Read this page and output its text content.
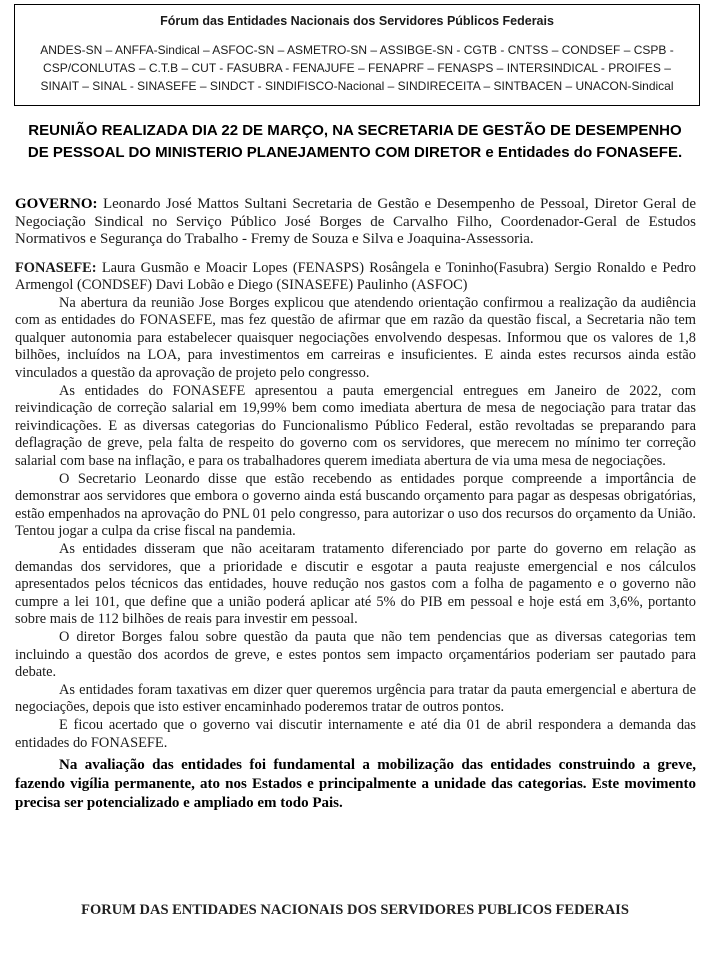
Fórum das Entidades Nacionais dos Servidores Públicos Federais
ANDES-SN – ANFFA-Sindical – ASFOC-SN – ASMETRO-SN – ASSIBGE-SN - CGTB - CNTSS – CONDSEF – CSPB - CSP/CONLUTAS – C.T.B – CUT - FASUBRA - FENAJUFE – FENAPRF – FENASPS – INTERSINDICAL - PROIFES – SINAIT – SINAL - SINASEFE – SINDCT - SINDIFISCO-Nacional – SINDIRECEITA – SINTBACEN – UNACON-Sindical
REUNIÃO REALIZADA DIA 22 DE MARÇO, NA SECRETARIA DE GESTÃO DE DESEMPENHO DE PESSOAL DO MINISTERIO PLANEJAMENTO COM DIRETOR e Entidades do FONASEFE.

GOVERNO: Leonardo José Mattos Sultani Secretaria de Gestão e Desempenho de Pessoal, Diretor Geral de Negociação Sindical no Serviço Público José Borges de Carvalho Filho, Coordenador-Geral de Estudos Normativos e Segurança do Trabalho - Fremy de Souza e Silva e Joaquina-Assessoria.

FONASEFE: Laura Gusmão e Moacir Lopes (FENASPS) Rosângela e Toninho(Fasubra) Sergio Ronaldo e Pedro Armengol (CONDSEF) Davi Lobão e Diego (SINASEFE) Paulinho (ASFOC)

Na abertura da reunião Jose Borges explicou que atendendo orientação confirmou a realização da audiência com as entidades do FONASEFE, mas fez questão de afirmar que em razão da questão fiscal, a Secretaria não tem qualquer autonomia para estabelecer quaisquer negociações envolvendo despesas. Informou que os valores de 1,8 bilhões, incluídos na LOA, para investimentos em carreiras e insuficientes. E ainda estes recursos ainda estão vinculados a questão da aprovação de projeto pelo congresso.

As entidades do FONASEFE apresentou a pauta emergencial entregues em Janeiro de 2022, com reivindicação de correção salarial em 19,99% bem como imediata abertura de mesa de negociação para tratar das reivindicações. E as diversas categorias do Funcionalismo Público Federal, estão revoltadas se preparando para deflagração de greve, pela falta de respeito do governo com os servidores, que merecem no mínimo ter correção salarial com base na inflação, e para os trabalhadores querem imediata abertura de via uma mesa de negociações.

O Secretario Leonardo disse que estão recebendo as entidades porque compreende a importância de demonstrar aos servidores que embora o governo ainda está buscando orçamento para pagar as despesas obrigatórias, estão empenhados na aprovação do PNL 01 pelo congresso, para autorizar o uso dos recursos do orçamento da União. Tentou jogar a culpa da crise fiscal na pandemia.

As entidades disseram que não aceitaram tratamento diferenciado por parte do governo em relação as demandas dos servidores, que a prioridade e discutir e esgotar a pauta reajuste emergencial e nos cálculos apresentados pelos técnicos das entidades, houve redução nos gastos com a folha de pagamento e o governo não cumpre a lei 101, que define que a união poderá aplicar até 5% do PIB em pessoal e hoje está em 3,6%, portanto sobre mais de 112 bilhões de reais para investir em pessoal.

O diretor Borges falou sobre questão da pauta que não tem pendencias que as diversas categorias tem incluindo a questão dos acordos de greve, e estes pontos sem impacto orçamentários poderiam ser pautado para debate.

As entidades foram taxativas em dizer quer queremos urgência para tratar da pauta emergencial e abertura de negociações, depois que isto estiver encaminhado poderemos tratar de outros pontos.

E ficou acertado que o governo vai discutir internamente e até dia 01 de abril respondera a demanda das entidades do FONASEFE.

Na avaliação das entidades foi fundamental a mobilização das entidades construindo a greve, fazendo vigília permanente, ato nos Estados e principalmente a unidade das categorias. Este movimento precisa ser potencializado e ampliado em todo Pais.

FORUM DAS ENTIDADES NACIONAIS DOS SERVIDORES PUBLICOS FEDERAIS
